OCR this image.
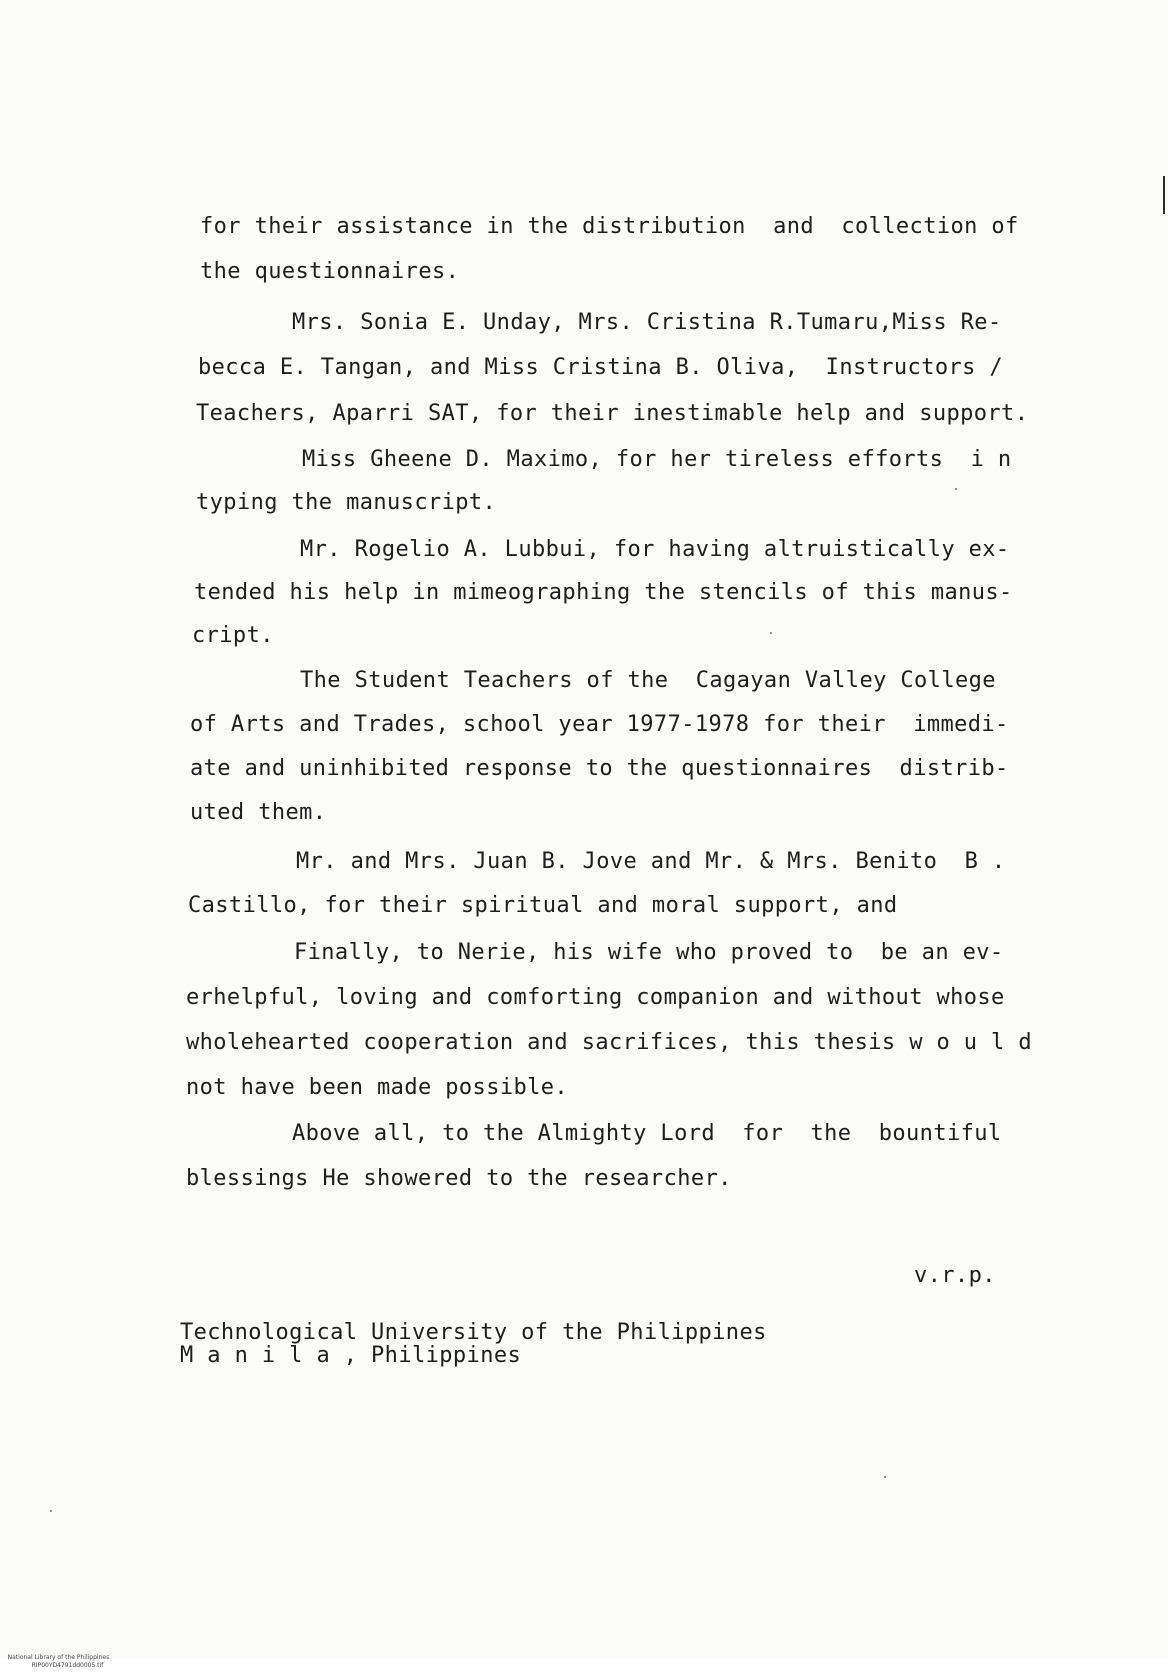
for their assistance in the distribution  and  collection of
the questionnaires.
Mrs. Sonia E. Unday, Mrs. Cristina R.Tumaru,Miss Re-
becca E. Tangan, and Miss Cristina B. Oliva,  Instructors /
Teachers, Aparri SAT, for their inestimable help and support.
Miss Gheene D. Maximo, for her tireless efforts  i n
typing the manuscript.
Mr. Rogelio A. Lubbui, for having altruistically ex-
tended his help in mimeographing the stencils of this manus-
cript.
The Student Teachers of the  Cagayan Valley College
of Arts and Trades, school year 1977-1978 for their  immedi-
ate and uninhibited response to the questionnaires  distrib-
uted them.
Mr. and Mrs. Juan B. Jove and Mr. & Mrs. Benito  B .
Castillo, for their spiritual and moral support, and
Finally, to Nerie, his wife who proved to  be an ev-
erhelpful, loving and comforting companion and without whose
wholehearted cooperation and sacrifices, this thesis w o u l d
not have been made possible.
Above all, to the Almighty Lord  for  the  bountiful
blessings He showered to the researcher.
v.r.p.
Technological University of the Philippines
M a n i l a , Philippines

National Library of the Philippines
RIP00YD4791dd0005.tif
